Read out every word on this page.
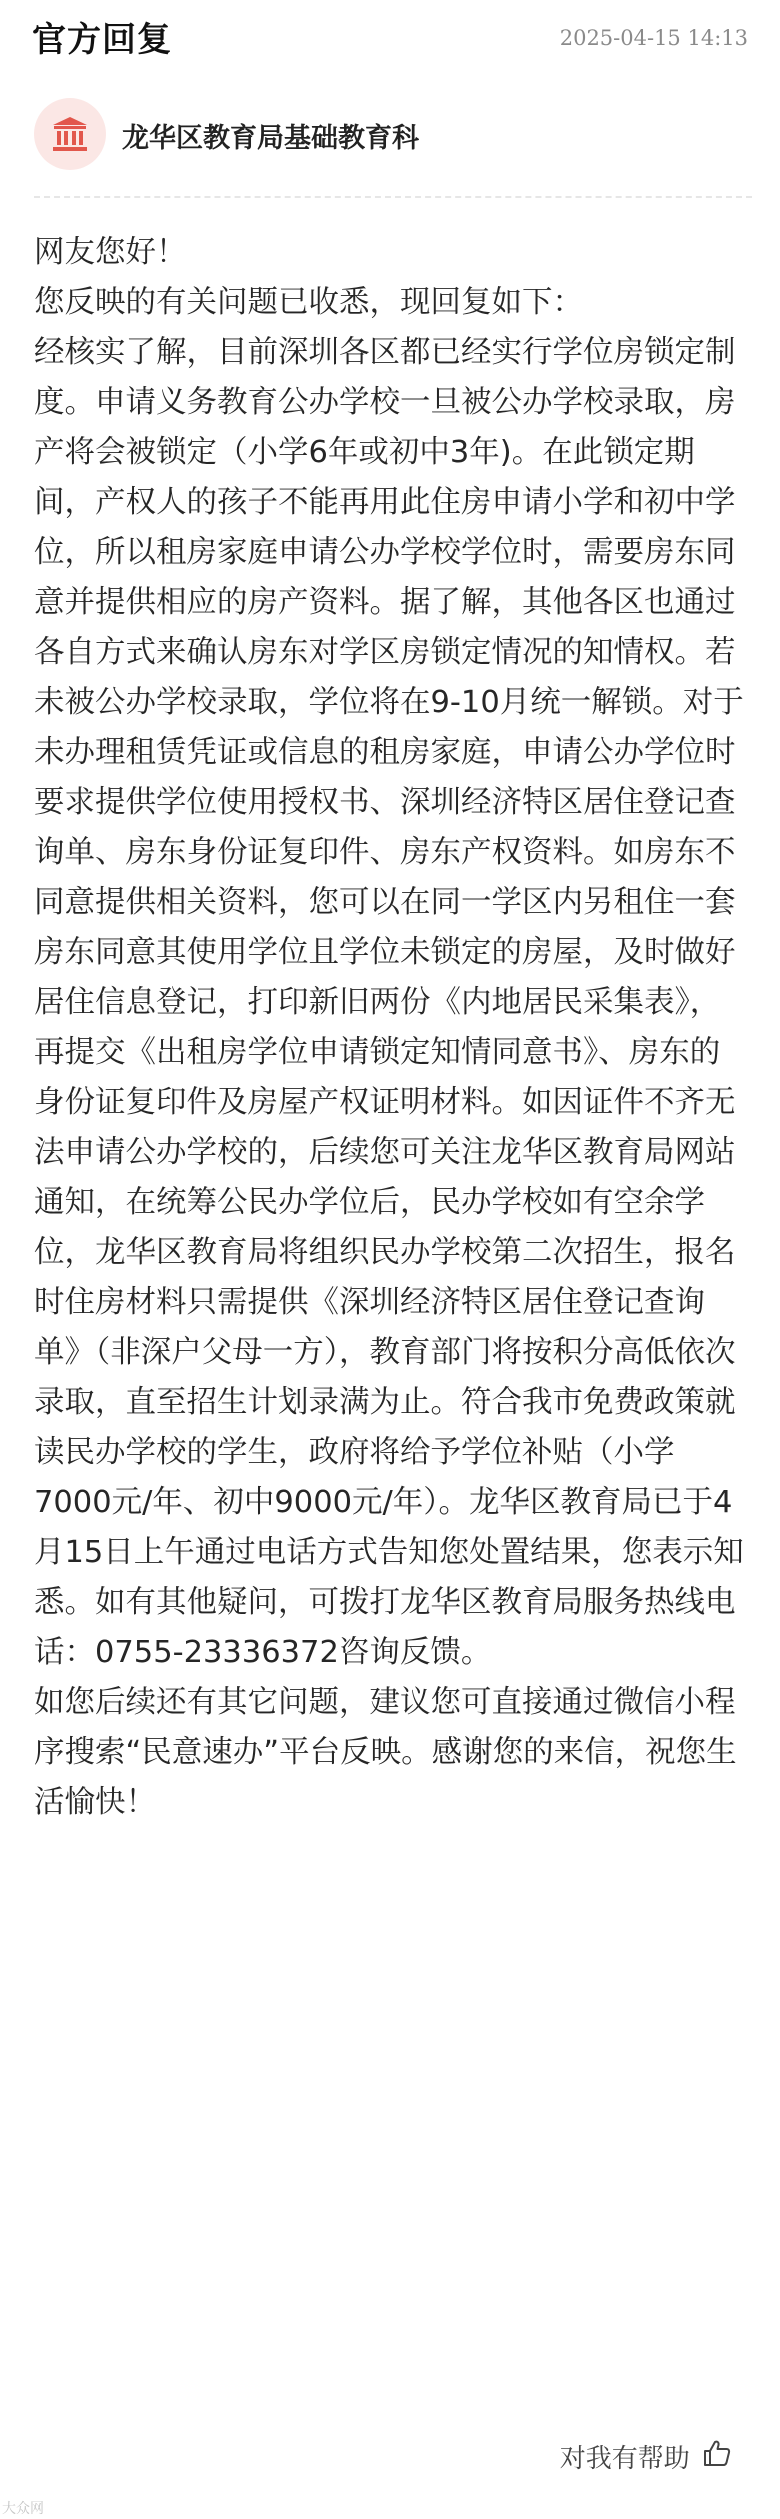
官方回复	2025-04-15 14:13
龙华区教育局基础教育科

网友您好！

您反映的有关问题已收悉，现回复如下：

经核实了解，目前深圳各区都已经实行学位房锁定制度。申请义务教育公办学校一旦被公办学校录取，房产将会被锁定（小学6年或初中3年)。在此锁定期间，产权人的孩子不能再用此住房申请小学和初中学位，所以租房家庭申请公办学校学位时，需要房东同意并提供相应的房产资料。据了解，其他各区也通过各自方式来确认房东对学区房锁定情况的知情权。若未被公办学校录取，学位将在9-10月统一解锁。对于未办理租赁凭证或信息的租房家庭，申请公办学位时要求提供学位使用授权书、深圳经济特区居住登记查询单、房东身份证复印件、房东产权资料。如房东不同意提供相关资料，您可以在同一学区内另租住一套房东同意其使用学位且学位未锁定的房屋，及时做好居住信息登记，打印新旧两份《内地居民采集表》，再提交《出租房学位申请锁定知情同意书》、房东的身份证复印件及房屋产权证明材料。如因证件不齐无法申请公办学校的，后续您可关注龙华区教育局网站通知，在统筹公民办学位后，民办学校如有空余学位，龙华区教育局将组织民办学校第二次招生，报名时住房材料只需提供《深圳经济特区居住登记查询单》（非深户父母一方），教育部门将按积分高低依次录取，直至招生计划录满为止。符合我市免费政策就读民办学校的学生，政府将给予学位补贴（小学7000元/年、初中9000元/年）。龙华区教育局已于4月15日上午通过电话方式告知您处置结果，您表示知悉。如有其他疑问，可拨打龙华区教育局服务热线电话：0755-23336372咨询反馈。

如您后续还有其它问题，建议您可直接通过微信小程序搜索“民意速办”平台反映。感谢您的来信，祝您生活愉快！

对我有帮助
大众网
